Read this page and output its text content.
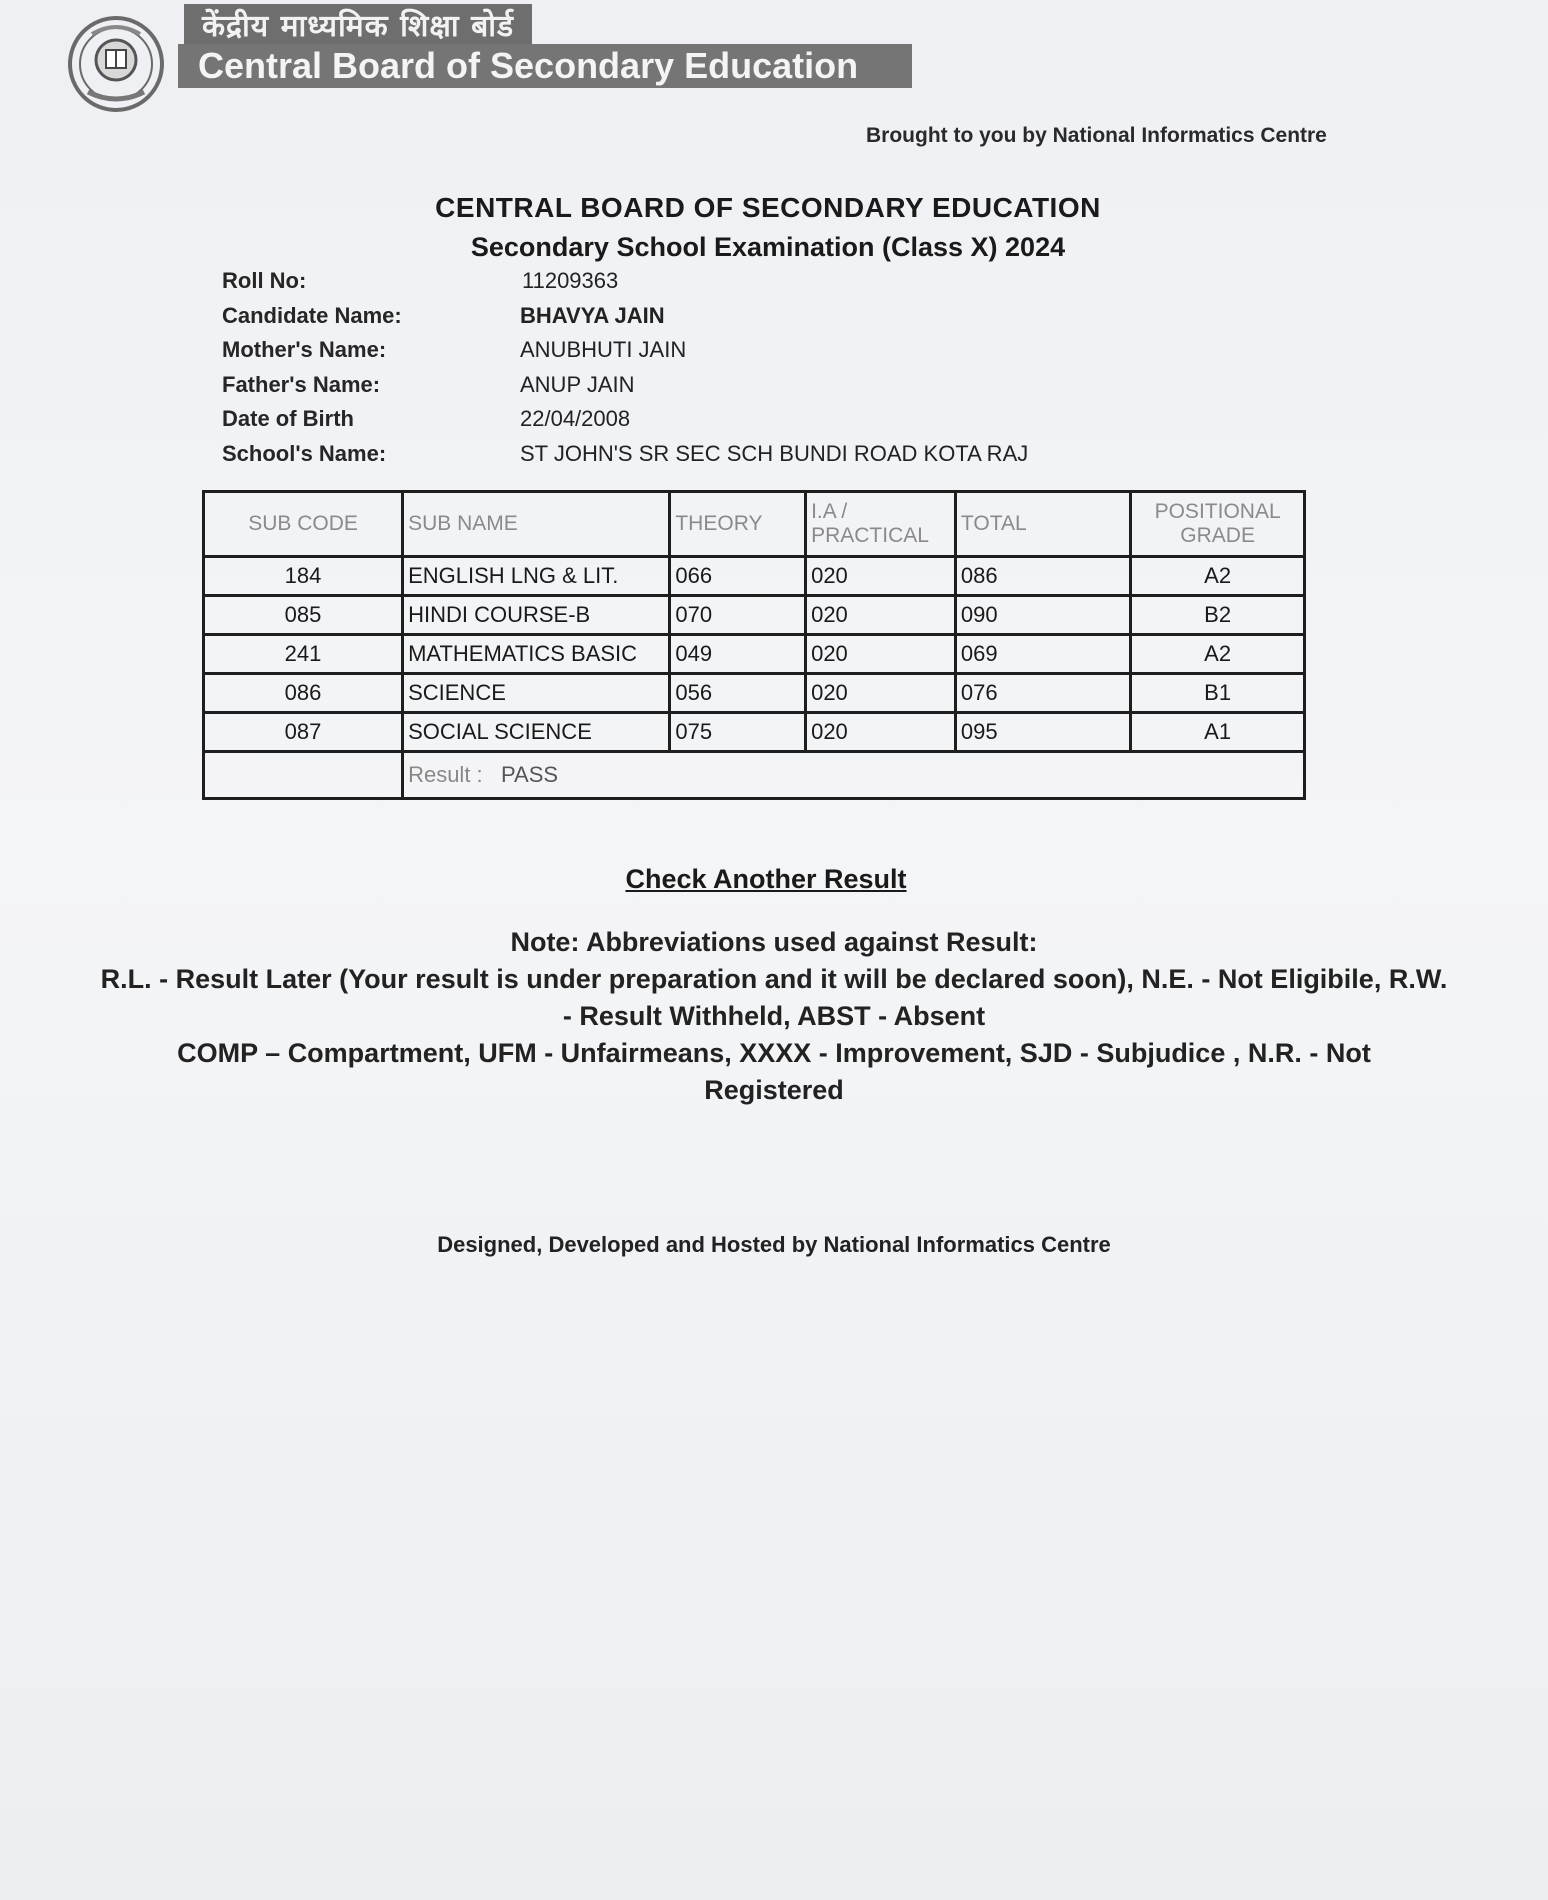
केंद्रीय माध्यमिक शिक्षा बोर्ड
Central Board of Secondary Education
Brought to you by National Informatics Centre
CENTRAL BOARD OF SECONDARY EDUCATION
Secondary School Examination (Class X) 2024
Roll No:	11209363
Candidate Name:	BHAVYA JAIN
Mother's Name:	ANUBHUTI JAIN
Father's Name:	ANUP JAIN
Date of Birth	22/04/2008
School's Name:	ST JOHN'S SR SEC SCH BUNDI ROAD KOTA RAJ
SUB CODE	SUB NAME	THEORY	I.A / PRACTICAL	TOTAL	POSITIONAL GRADE
184	ENGLISH LNG & LIT.	066	020	086	A2
085	HINDI COURSE-B	070	020	090	B2
241	MATHEMATICS BASIC	049	020	069	A2
086	SCIENCE	056	020	076	B1
087	SOCIAL SCIENCE	075	020	095	A1
	Result : PASS				
Check Another Result

Note: Abbreviations used against Result:

R.L. - Result Later (Your result is under preparation and it will be declared soon), N.E. - Not Eligibile, R.W.

- Result Withheld, ABST - Absent

COMP – Compartment, UFM - Unfairmeans, XXXX - Improvement, SJD - Subjudice , N.R. - Not

Registered

Designed, Developed and Hosted by National Informatics Centre
